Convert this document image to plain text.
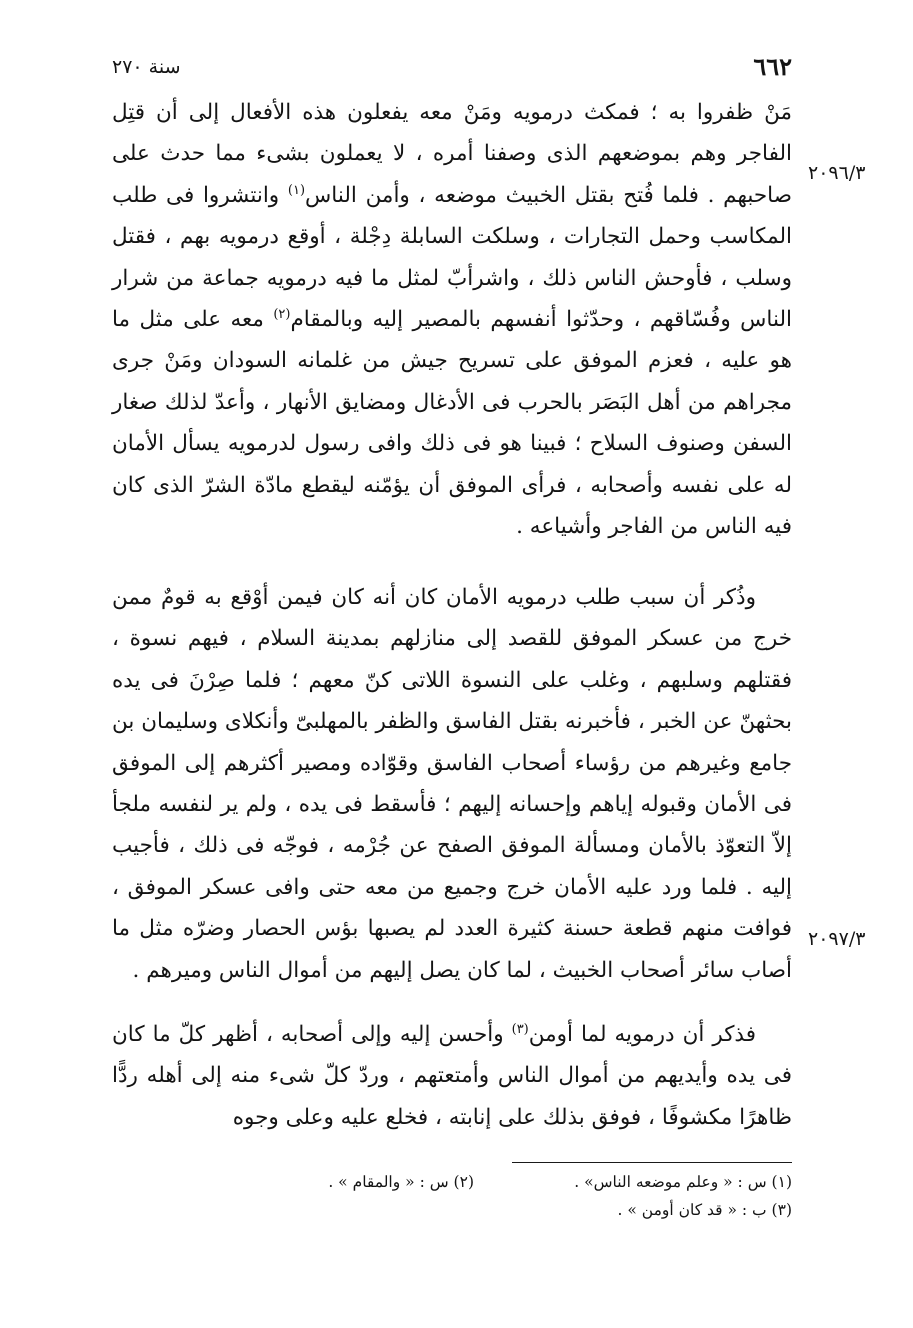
٦٦٢
سنة ٢٧٠
٢٠٩٦/٣
٢٠٩٧/٣
مَنْ ظفروا به ؛ فمكث درمويه ومَنْ معه يفعلون هذه الأفعال إلى أن قتِل الفاجر وهم بموضعهم الذى وصفنا أمره ، لا يعملون بشىء مما حدث على صاحبهم . فلما فُتح بقتل الخبيث موضعه ، وأمن الناس$^{(١)}$ وانتشروا فى طلب المكاسب وحمل التجارات ، وسلكت السابلة دِجْلة ، أوقع درمويه بهم ، فقتل وسلب ، فأوحش الناس ذلك ، واشرأبّ لمثل ما فيه درمويه جماعة من شرار الناس وفُسّاقهم ، وحدّثوا أنفسهم بالمصير إليه وبالمقام$^{(٢)}$ معه على مثل ما هو عليه ، فعزم الموفق على تسريح جيش من غلمانه السودان ومَنْ جرى مجراهم من أهل البَصَر بالحرب فى الأدغال ومضايق الأنهار ، وأعدّ لذلك صغار السفن وصنوف السلاح ؛ فبينا هو فى ذلك وافى رسول لدرمويه يسأل الأمان له على نفسه وأصحابه ، فرأى الموفق أن يؤمّنه ليقطع مادّة الشرّ الذى كان فيه الناس من الفاجر وأشياعه .
وذُكر أن سبب طلب درمويه الأمان كان أنه كان فيمن أوْقع به قومٌ ممن خرج من عسكر الموفق للقصد إلى منازلهم بمدينة السلام ، فيهم نسوة ، فقتلهم وسلبهم ، وغلب على النسوة اللاتى كنّ معهم ؛ فلما صِرْنَ فى يده بحثهنّ عن الخبر ، فأخبرنه بقتل الفاسق والظفر بالمهلبىّ وأنكلاى وسليمان بن جامع وغيرهم من رؤساء أصحاب الفاسق وقوّاده ومصير أكثرهم إلى الموفق فى الأمان وقبوله إياهم وإحسانه إليهم ؛ فأسقط فى يده ، ولم ير لنفسه ملجأ إلاّ التعوّذ بالأمان ومسألة الموفق الصفح عن جُرْمه ، فوجّه فى ذلك ، فأجيب إليه . فلما ورد عليه الأمان خرج وجميع من معه حتى وافى عسكر الموفق ، فوافت منهم قطعة حسنة كثيرة العدد لم يصبها بؤس الحصار وضرّه مثل ما أصاب سائر أصحاب الخبيث ، لما كان يصل إليهم من أموال الناس وميرهم .
فذكر أن درمويه لما أومن$^{(٣)}$ وأحسن إليه وإلى أصحابه ، أظهر كلّ ما كان فى يده وأيديهم من أموال الناس وأمتعتهم ، وردّ كلّ شىء منه إلى أهله ردًّا ظاهرًا مكشوفًا ، فوفق بذلك على إنابته ، فخلع عليه وعلى وجوه
(١) س : « وعلم موضعه الناس» .
(٢) س : « والمقام » .
(٣) ب : « قد كان أومن » .
